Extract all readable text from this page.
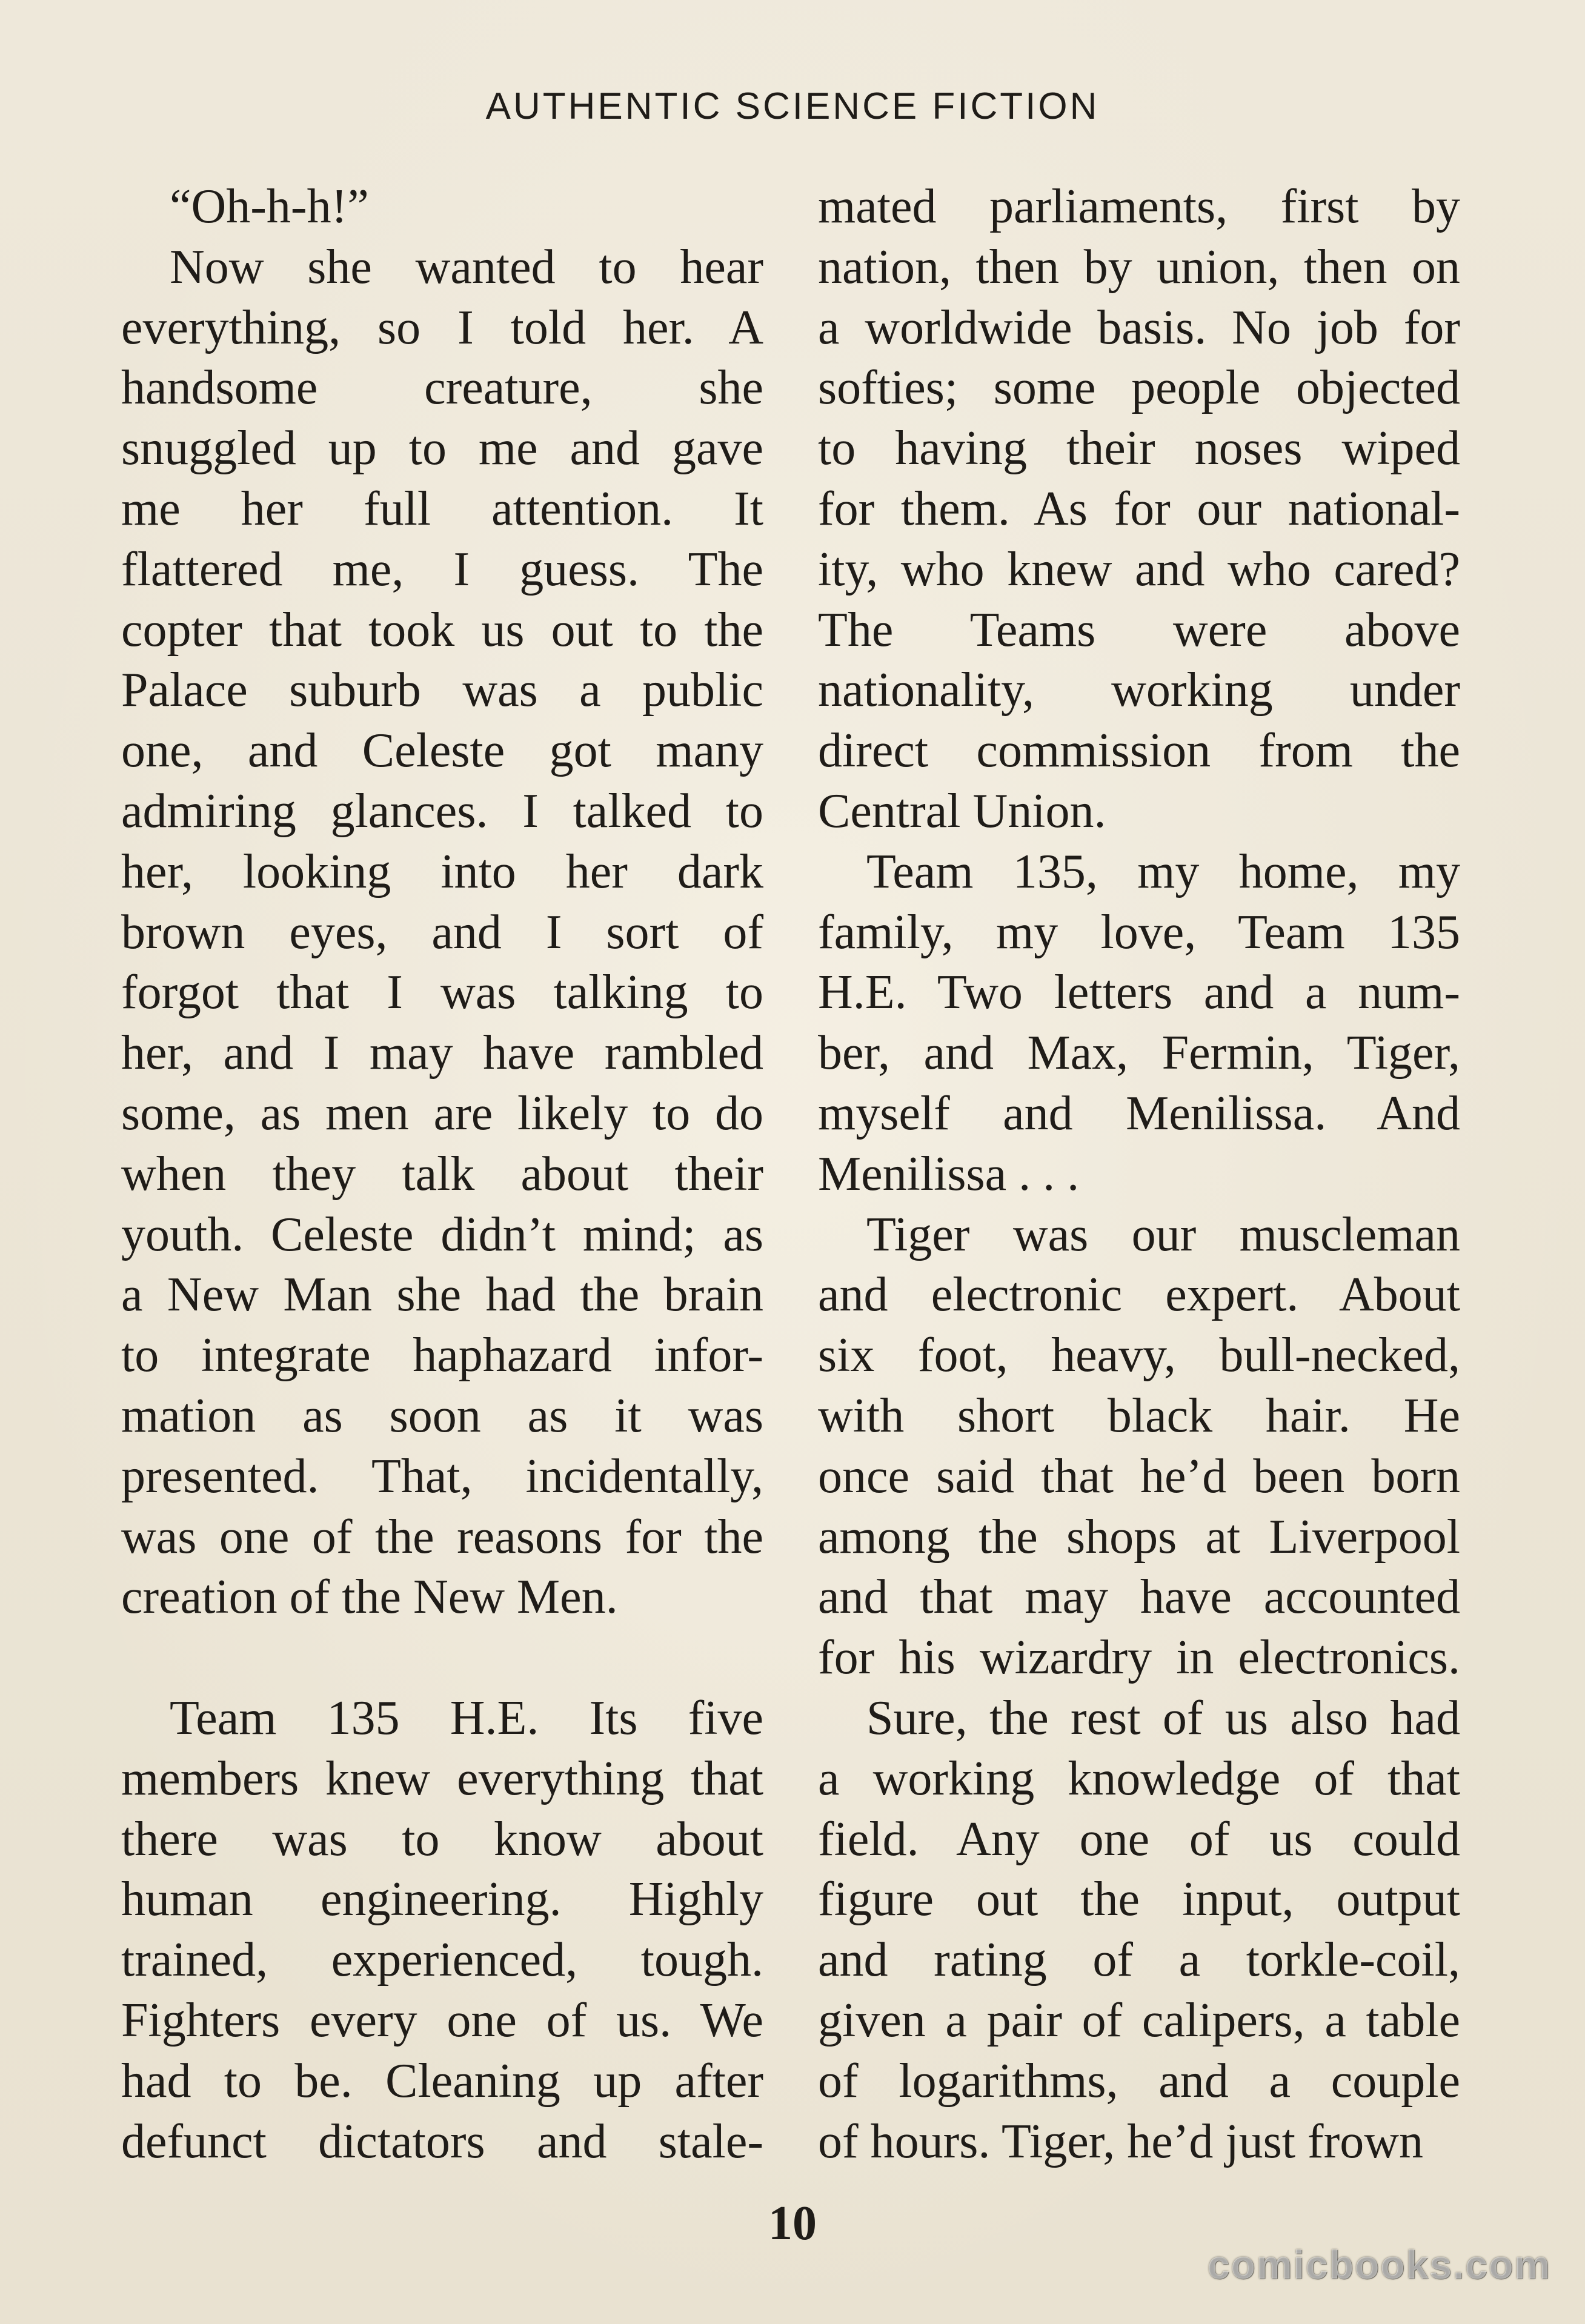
AUTHENTIC SCIENCE FICTION
“Oh-h-h!”
Now she wanted to hear
everything, so I told her. A
handsome creature, she
snuggled up to me and gave
me her full attention. It
flattered me, I guess. The
copter that took us out to the
Palace suburb was a public
one, and Celeste got many
admiring glances. I talked to
her, looking into her dark
brown eyes, and I sort of
forgot that I was talking to
her, and I may have rambled
some, as men are likely to do
when they talk about their
youth. Celeste didn’t mind; as
a New Man she had the brain
to integrate haphazard infor-
mation as soon as it was
presented. That, incidentally,
was one of the reasons for the
creation of the New Men.

Team 135 H.E. Its five
members knew everything that
there was to know about
human engineering. Highly
trained, experienced, tough.
Fighters every one of us. We
had to be. Cleaning up after
defunct dictators and stale-
mated parliaments, first by
nation, then by union, then on
a worldwide basis. No job for
softies; some people objected
to having their noses wiped
for them. As for our national-
ity, who knew and who cared?
The Teams were above
nationality, working under
direct commission from the
Central Union.
Team 135, my home, my
family, my love, Team 135
H.E. Two letters and a num-
ber, and Max, Fermin, Tiger,
myself and Menilissa. And
Menilissa . . .
Tiger was our muscleman
and electronic expert. About
six foot, heavy, bull-necked,
with short black hair. He
once said that he’d been born
among the shops at Liverpool
and that may have accounted
for his wizardry in electronics.
Sure, the rest of us also had
a working knowledge of that
field. Any one of us could
figure out the input, output
and rating of a torkle-coil,
given a pair of calipers, a table
of logarithms, and a couple
of hours. Tiger, he’d just frown
10
comicbooks.com
